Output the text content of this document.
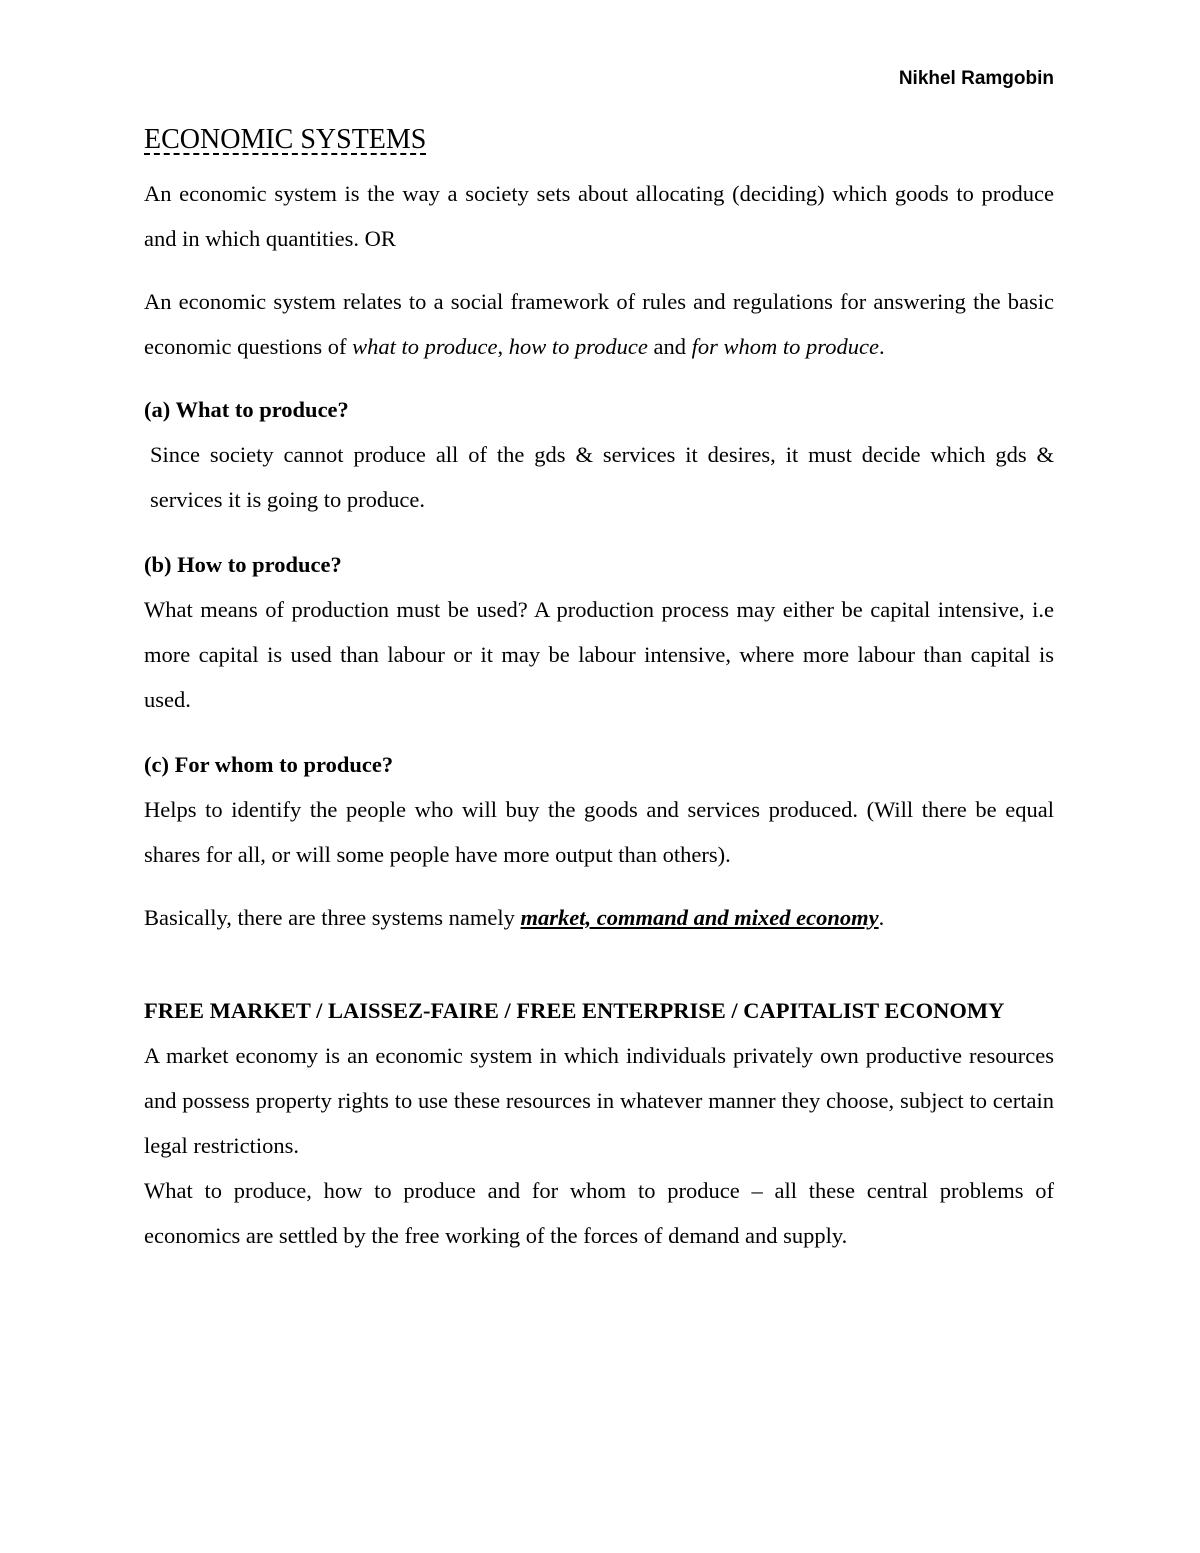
Nikhel Ramgobin
ECONOMIC SYSTEMS

An economic system is the way a society sets about allocating (deciding) which goods to produce and in which quantities. OR

An economic system relates to a social framework of rules and regulations for answering the basic economic questions of what to produce, how to produce and for whom to produce.

(a) What to produce?

Since society cannot produce all of the gds & services it desires, it must decide which gds & services it is going to produce.

(b) How to produce?

What means of production must be used? A production process may either be capital intensive, i.e more capital is used than labour or it may be labour intensive, where more labour than capital is used.

(c) For whom to produce?

Helps to identify the people who will buy the goods and services produced. (Will there be equal shares for all, or will some people have more output than others).

Basically, there are three systems namely market, command and mixed economy.

FREE MARKET / LAISSEZ-FAIRE / FREE ENTERPRISE / CAPITALIST ECONOMY

A market economy is an economic system in which individuals privately own productive resources and possess property rights to use these resources in whatever manner they choose, subject to certain legal restrictions.

What to produce, how to produce and for whom to produce – all these central problems of economics are settled by the free working of the forces of demand and supply.
